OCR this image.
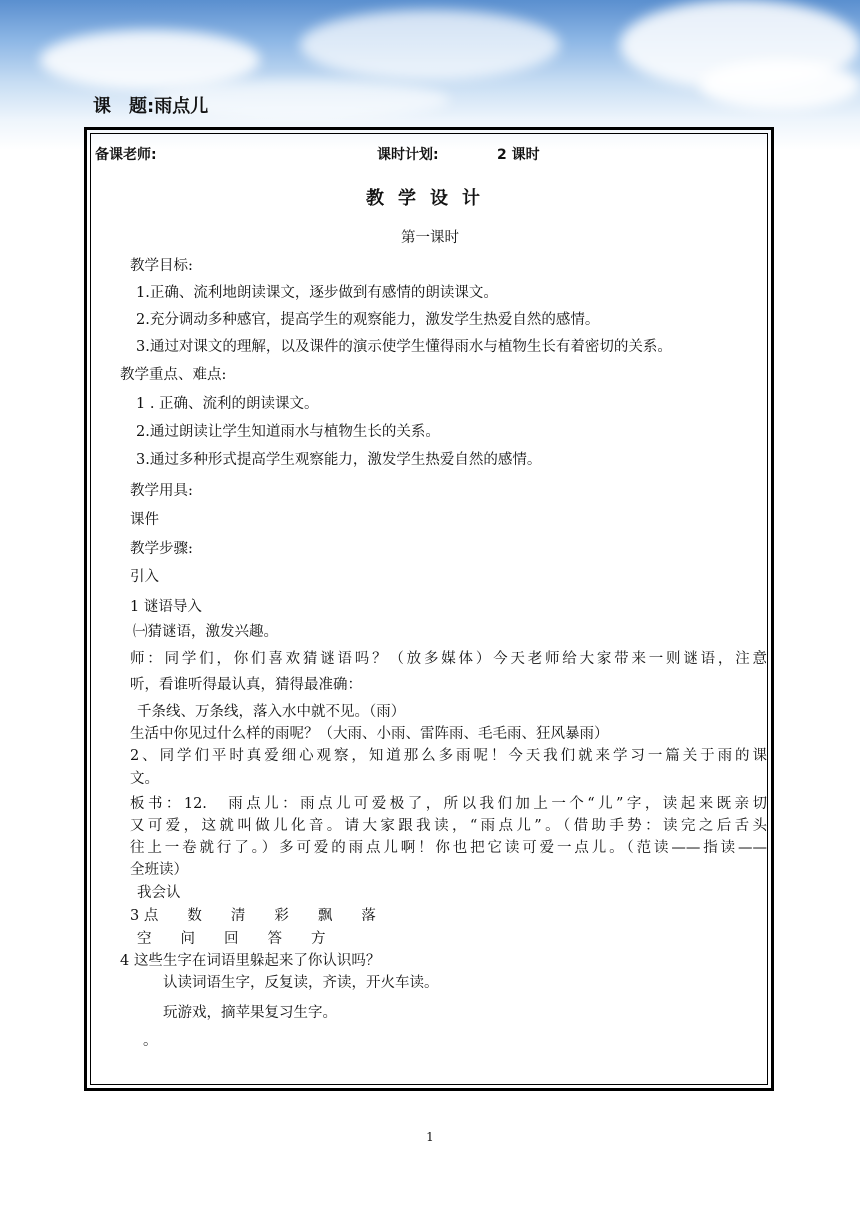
课 题:雨点儿
备课老师:	课时计划:	2 课时
教学设计
第一课时
教学目标:
1.正确、流利地朗读课文，逐步做到有感情的朗读课文。
2.充分调动多种感官，提高学生的观察能力，激发学生热爱自然的感情。
3.通过对课文的理解，以及课件的演示使学生懂得雨水与植物生长有着密切的关系。
教学重点、难点:
1 . 正确、流利的朗读课文。
2.通过朗读让学生知道雨水与植物生长的关系。
3.通过多种形式提高学生观察能力，激发学生热爱自然的感情。
教学用具:
课件
教学步骤:
引入
1 谜语导入
㈠猜谜语，激发兴趣。
师：同学们，你们喜欢猜谜语吗？（放多媒体）今天老师给大家带来一则谜语，注意
听，看谁听得最认真，猜得最准确：
千条线、万条线，落入水中就不见。（雨）
生活中你见过什么样的雨呢？（大雨、小雨、雷阵雨、毛毛雨、狂风暴雨）
2、同学们平时真爱细心观察，知道那么多雨呢！今天我们就来学习一篇关于雨的课
文。
板书：12.　雨点儿：雨点儿可爱极了，所以我们加上一个“儿”字，读起来既亲切
又可爱，这就叫做儿化音。请大家跟我读，“雨点儿”。（借助手势：读完之后舌头
往上一卷就行了。）多可爱的雨点儿啊！你也把它读可爱一点儿。（范读——指读——
全班读）
我会认
3 点　　数　　清　　彩　　飘　　落
空　　问　　回　　答　　方
4 这些生字在词语里躲起来了你认识吗？
认读词语生字，反复读，齐读，开火车读。
玩游戏，摘苹果复习生字。
。
1
